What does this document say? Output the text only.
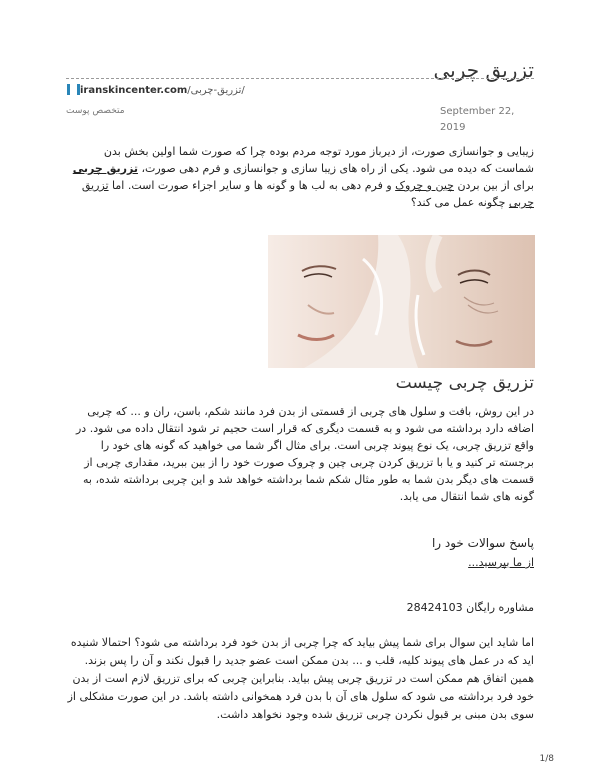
تزریق چربی
iranskincenter.com/تزریق-چربی/
متخصص پوست	September 22, 2019

زیبایی و جوانسازی صورت، از دیرباز مورد توجه مردم بوده چرا که صورت شما اولین بخش بدن شماست که دیده می شود. یکی از راه های زیبا سازی و جوانسازی و فرم دهی صورت، تزریق چربی برای از بین بردن چین و چروک و فرم دهی به لب ها و گونه ها و سایر اجزاء صورت است. اما تزریق چربی چگونه عمل می کند؟

تزریق چربی چیست

در این روش، بافت و سلول های چربی از قسمتی از بدن فرد مانند شکم، باسن، ران و ... که چربی اضافه دارد برداشته می شود و به قسمت دیگری که قرار است حجیم تر شود انتقال داده می شود. در واقع تزریق چربی، یک نوع پیوند چربی است. برای مثال اگر شما می خواهید که گونه های خود را برجسته تر کنید و یا با تزریق کردن چربی چین و چروک صورت خود را از بین ببرید، مقداری چربی از قسمت های دیگر بدن شما به طور مثال شکم شما برداشته خواهد شد و این چربی برداشته شده، به گونه های شما انتقال می یابد.

پاسخ سوالات خود را
از ما بپرسید...
مشاوره رایگان 28424103

اما شاید این سوال برای شما پیش بیاید که چرا چربی از بدن خود فرد برداشته می شود؟ احتمالا شنیده اید که در عمل های پیوند کلیه، قلب و ... بدن ممکن است عضو جدید را قبول نکند و آن را پس بزند. همین اتفاق هم ممکن است در تزریق چربی پیش بیاید. بنابراین چربی که برای تزریق لازم است از بدن خود فرد برداشته می شود که سلول های آن با بدن فرد همخوانی داشته باشد. در این صورت مشکلی از سوی بدن مبنی بر قبول نکردن چربی تزریق شده وجود نخواهد داشت.

1/8
